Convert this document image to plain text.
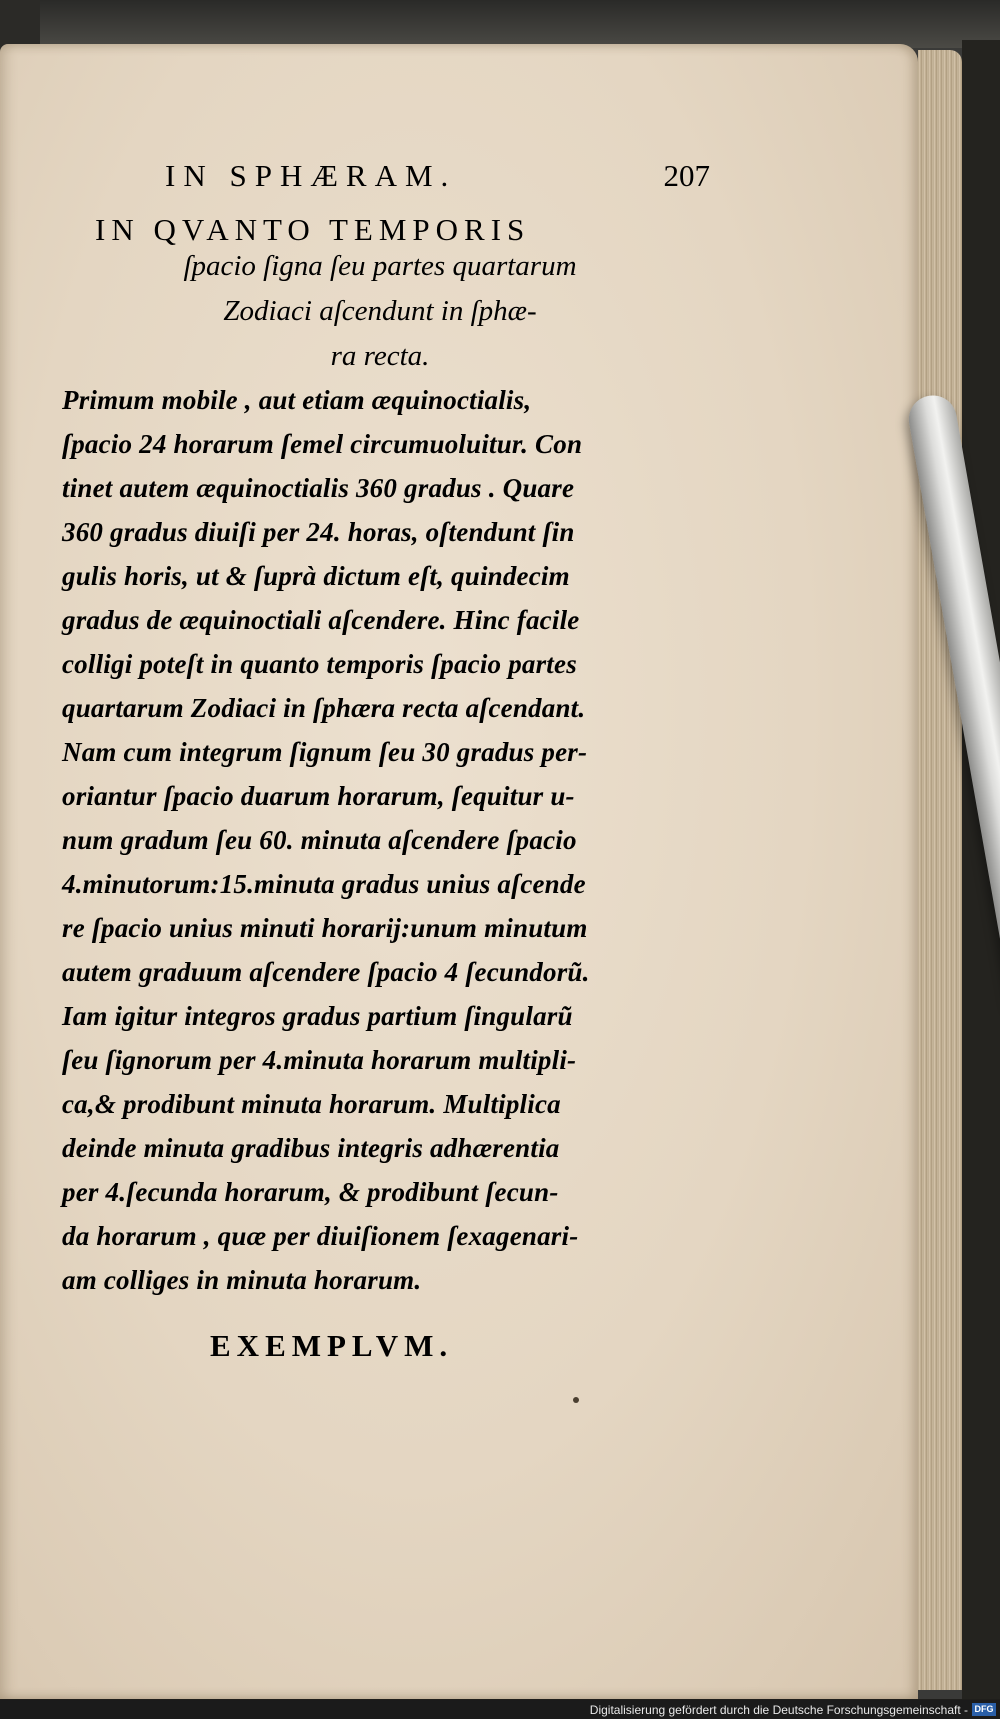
IN SPHÆRAM.	207
IN QVANTO TEMPORIS
ſpacio ſigna ſeu partes quartarum
Zodiaci aſcendunt in ſphæ-
ra recta.
Primum mobile , aut etiam æquinoctialis,
ſpacio 24 horarum ſemel circumuoluitur. Con
tinet autem æquinoctialis 360 gradus . Quare
360 gradus diuiſi per 24. horas, oſtendunt ſin
gulis horis, ut & ſuprà dictum eſt, quindecim
gradus de æquinoctiali aſcendere. Hinc facile
colligi poteſt in quanto temporis ſpacio partes
quartarum Zodiaci in ſphæra recta aſcendant.
Nam cum integrum ſignum ſeu 30 gradus per-
oriantur ſpacio duarum horarum, ſequitur u-
num gradum ſeu 60. minuta aſcendere ſpacio
4.minutorum:15.minuta gradus unius aſcende
re ſpacio unius minuti horarij:unum minutum
autem graduum aſcendere ſpacio 4 ſecundorũ.
Iam igitur integros gradus partium ſingularũ
ſeu ſignorum per 4.minuta horarum multipli-
ca,& prodibunt minuta horarum. Multiplica
deinde minuta gradibus integris adhærentia
per 4.ſecunda horarum, & prodibunt ſecun-
da horarum , quæ per diuiſionem ſexagenari-
am colliges in minuta horarum.
EXEMPLVM.
Digitalisierung gefördert durch die Deutsche Forschungsgemeinschaft - DFG
